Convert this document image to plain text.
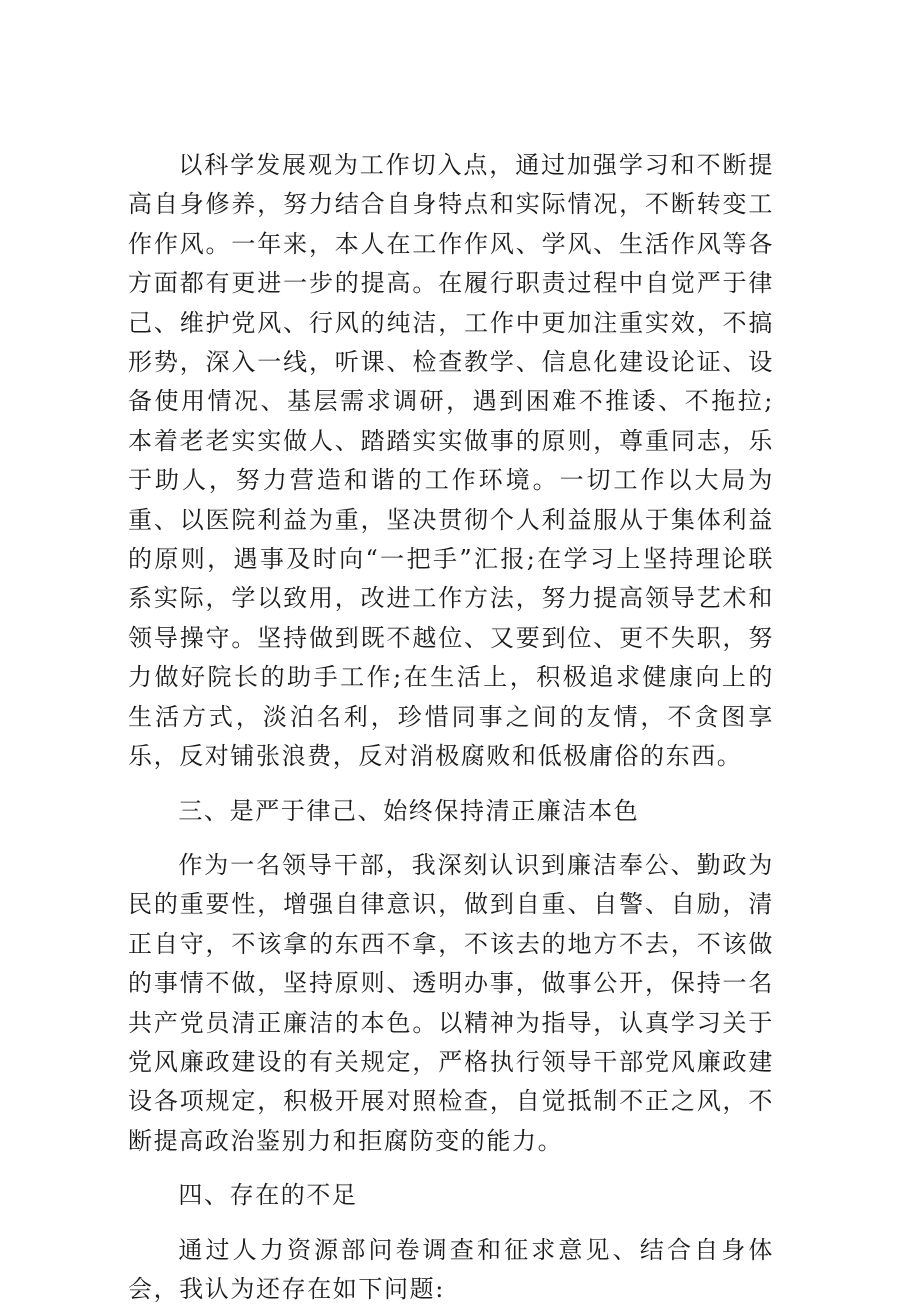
以科学发展观为工作切入点，通过加强学习和不断提高自身修养，努力结合自身特点和实际情况，不断转变工作作风。一年来，本人在工作作风、学风、生活作风等各方面都有更进一步的提高。在履行职责过程中自觉严于律己、维护党风、行风的纯洁，工作中更加注重实效，不搞形势，深入一线，听课、检查教学、信息化建设论证、设备使用情况、基层需求调研，遇到困难不推诿、不拖拉;本着老老实实做人、踏踏实实做事的原则，尊重同志，乐于助人，努力营造和谐的工作环境。一切工作以大局为重、以医院利益为重，坚决贯彻个人利益服从于集体利益的原则，遇事及时向“一把手”汇报;在学习上坚持理论联系实际，学以致用，改进工作方法，努力提高领导艺术和领导操守。坚持做到既不越位、又要到位、更不失职，努力做好院长的助手工作;在生活上，积极追求健康向上的生活方式，淡泊名利，珍惜同事之间的友情，不贪图享乐，反对铺张浪费，反对消极腐败和低极庸俗的东西。

三、是严于律己、始终保持清正廉洁本色

作为一名领导干部，我深刻认识到廉洁奉公、勤政为民的重要性，增强自律意识，做到自重、自警、自励，清正自守，不该拿的东西不拿，不该去的地方不去，不该做的事情不做，坚持原则、透明办事，做事公开，保持一名共产党员清正廉洁的本色。以精神为指导，认真学习关于党风廉政建设的有关规定，严格执行领导干部党风廉政建设各项规定，积极开展对照检查，自觉抵制不正之风，不断提高政治鉴别力和拒腐防变的能力。

四、存在的不足

通过人力资源部问卷调查和征求意见、结合自身体会，我认为还存在如下问题:
